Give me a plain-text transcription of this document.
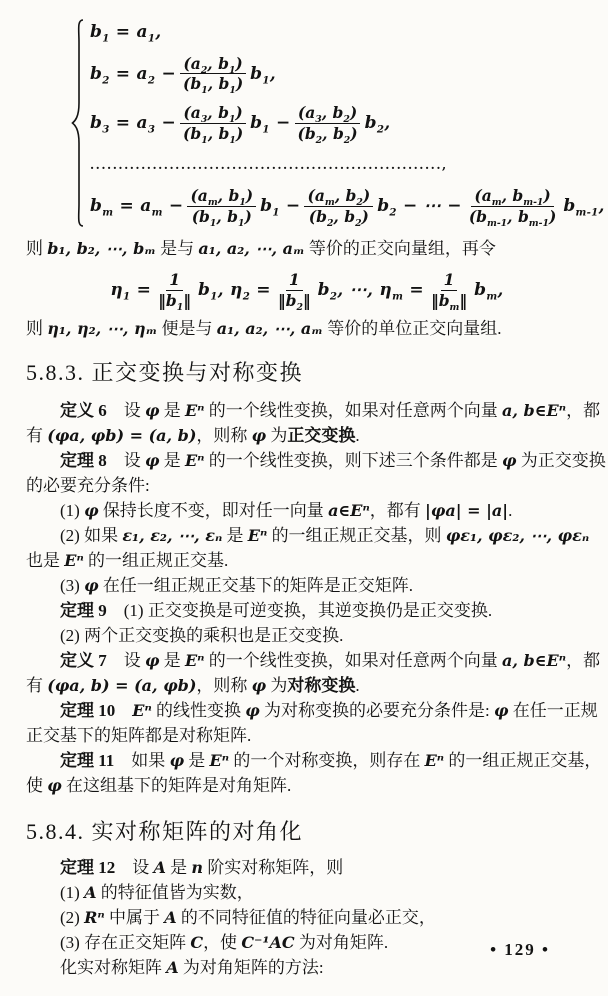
$b_1 = a_1$,
$b_2 = a_2 - \frac{(a_2, b_1)}{(b_1, b_1)} b_1$,
$b_3 = a_3 - \frac{(a_3, b_1)}{(b_1, b_1)} b_1 - \frac{(a_3, b_2)}{(b_2, b_2)} b_2$,
..............................................................,
$b_m = a_m - \frac{(a_m, b_1)}{(b_1, b_1)} b_1 - \frac{(a_m, b_2)}{(b_2, b_2)} b_2$ − ⋯ − $\frac{(a_m, b_{m-1})}{(b_{m-1}, b_{m-1})} b_{m-1}$,
则 b₁, b₂, ⋯, bₘ 是与 a₁, a₂, ⋯, aₘ 等价的正交向量组，再令
$\eta_1 = \frac{1}{‖b_1‖} b_1$, $\eta_2 = \frac{1}{‖b_2‖} b_2$, ⋯, $\eta_m = \frac{1}{‖b_m‖} b_m$,
则 η₁, η₂, ⋯, ηₘ 便是与 a₁, a₂, ⋯, aₘ 等价的单位正交向量组.
5.8.3. 正交变换与对称变换
定义 6　设 φ 是 Eⁿ 的一个线性变换，如果对任意两个向量 a, b∈Eⁿ，都
有 (φa, φb) = (a, b)，则称 φ 为正交变换.
定理 8　设 φ 是 Eⁿ 的一个线性变换，则下述三个条件都是 φ 为正交变换
的必要充分条件:
(1) φ 保持长度不变，即对任一向量 a∈Eⁿ，都有 |φa| = |a|.
(2) 如果 ε₁, ε₂, ⋯, εₙ 是 Eⁿ 的一组正规正交基，则 φε₁, φε₂, ⋯, φεₙ
也是 Eⁿ 的一组正规正交基.
(3) φ 在任一组正规正交基下的矩阵是正交矩阵.
定理 9　(1) 正交变换是可逆变换，其逆变换仍是正交变换.
(2) 两个正交变换的乘积也是正交变换.
定义 7　设 φ 是 Eⁿ 的一个线性变换，如果对任意两个向量 a, b∈Eⁿ，都
有 (φa, b) = (a, φb)，则称 φ 为对称变换.
定理 10　 Eⁿ 的线性变换 φ 为对称变换的必要充分条件是: φ 在任一正规
正交基下的矩阵都是对称矩阵.
定理 11　如果 φ 是 Eⁿ 的一个对称变换，则存在 Eⁿ 的一组正规正交基，
使 φ 在这组基下的矩阵是对角矩阵.
5.8.4. 实对称矩阵的对角化
定理 12　设 A 是 n 阶实对称矩阵，则
(1) A 的特征值皆为实数，
(2) Rⁿ 中属于 A 的不同特征值的特征向量必正交，
(3) 存在正交矩阵 C，使 C⁻¹AC 为对角矩阵.
化实对称矩阵 A 为对角矩阵的方法:
• 129 •
